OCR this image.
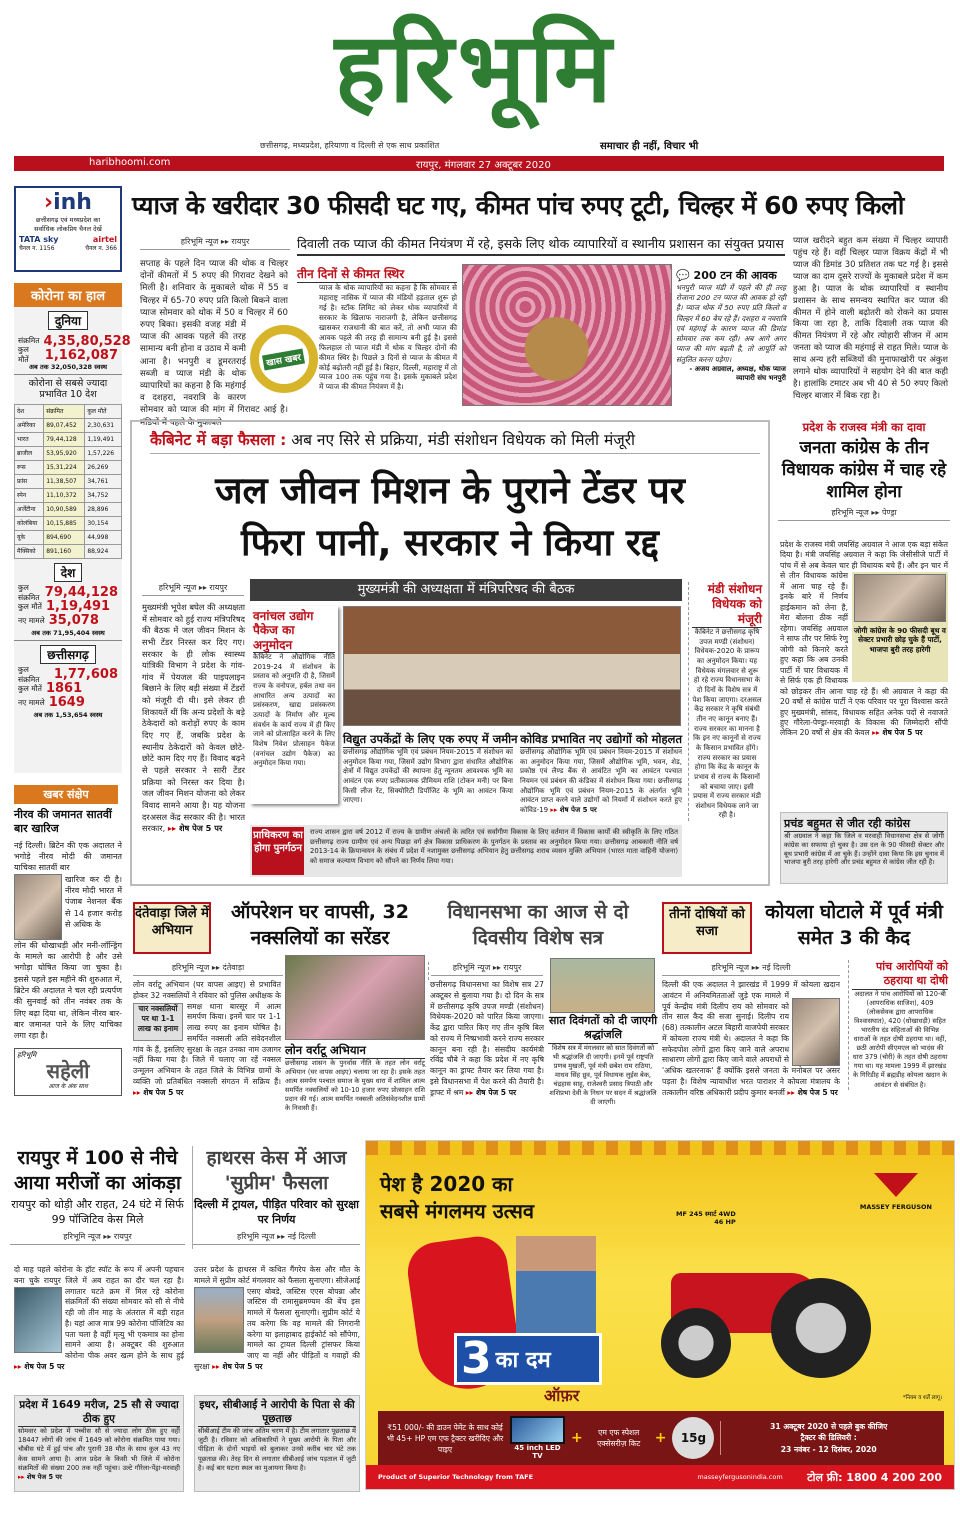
हरिभूमि
छत्तीसगढ़, मध्यप्रदेश, हरियाणा व दिल्ली से एक साथ प्रकाशित	समाचार ही नहीं, विचार भी
haribhoomi.com	रायपुर, मंगलवार 27 अक्टूबर 2020
›inh
छत्तीसगढ़ एवं मध्यप्रदेश का
सर्वाधिक लोकप्रिय चैनल देखें
TATA sky	airtel
चैनल न. 1156	चैनल न. 366
कोरोना का हाल
दुनिया
संक्रमित 4,35,80,528
कुल मौतें	1,162,087
अब तक 32,050,328 स्वस्थ
कोरोना से सबसे ज्यादा प्रभावित 10 देश
देश	संक्रमित	कुल मौतें
अमेरिका	89,07,452	2,30,631
भारत	79,44,128	1,19,491
ब्राजील	53,95,920	1,57,226
रूस	15,31,224	26,269
फ्रांस	11,38,507	34,761
स्पेन	11,10,372	34,752
अर्जेंटीना	10,90,589	28,896
कोलंबिया	10,15,885	30,154
यूके	894,690	44,998
मैक्सिको	891,160	88,924
देश
कुल संक्रमित 79,44,128
कुल मौतें 1,19,491
नए मामले 35,078
अब तक 71,95,404 स्वस्थ
छत्तीसगढ़
कुल संक्रमित	1,77,608
कुल मौतें 1861
नए मामले 1649
अब तक 1,53,654 स्वस्थ
खबर संक्षेप
नीरव की जमानत सातवीं बार खारिज
नई दिल्ली। ब्रिटेन की एक अदालत ने भगोड़े नीरव मोदी की जमानत याचिका सातवीं बार
खारिज कर दी है। नीरव मोदी भारत में पंजाब नेशनल बैंक से 14 हजार करोड़ से अधिक के
लोन की धोखाधड़ी और मनी-लॉन्ड्रिंग के मामले का आरोपी है और उसे भगोड़ा घोषित किया जा चुका है। इससे पहले इस महीने की शुरुआत में, ब्रिटेन की अदालत ने चल रही प्रत्यर्पण की सुनवाई को तीन नवंबर तक के लिए बढ़ा दिया था, लेकिन नीरव बार-बार जमानत पाने के लिए याचिका लगा रहा है।
हरिभूमि
सहेली
आज के अंक साथ
प्याज के खरीदार 30 फीसदी घट गए, कीमत पांच रुपए टूटी, चिल्हर में 60 रुपए किलो
हरिभूमि न्यूज ▸▸ रायपुर
सप्ताह के पहले दिन प्याज की थोक व चिल्हर दोनों कीमतों में 5 रुपए की गिरावट देखने को मिली है। शनिवार के मुकाबले थोक में 55 व चिल्हर में 65-70 रुपए प्रति किलो बिकने वाला प्याज सोमवार को थोक में 50 व चिल्हर में 60 रुपए बिका। इसकी वजह मंडी में प्याज की आवक पहले की तरह सामान्य बनी होना व उठाव में कमी आना है। भनपुरी व डूमरतराई सब्जी व प्याज मंडी के थोक व्यापारियों का कहना है कि महंगाई व दशहरा, नवरात्रि के कारण सोमवार को प्याज की मांग में गिरावट आई है। मंडियों में पहले के मुकाबले
दिवाली तक प्याज की कीमत नियंत्रण में रहे, इसके लिए थोक व्यापारियों व स्थानीय प्रशासन का संयुक्त प्रयास
खास खबर
तीन दिनों से कीमत स्थिर
प्याज के थोक व्यापारियों का कहना है कि सोमवार से महाराष्ट्र नासिक में प्याज की मंडियों हड़ताल शुरू हो गई है। स्टॉक लिमिट को लेकर थोक व्यापारियों में सरकार के खिलाफ नाराजगी है, लेकिन छत्तीसगढ़ खासकर राजधानी की बात करें, तो अभी प्याज की आवक पहले की तरह ही सामान्य बनी हुई है। इससे फिलहाल तो प्याज मंडी में थोक व चिल्हर दोनों की कीमत स्थिर है। पिछले 3 दिनों से प्याज के कीमत में कोई बढ़ोतरी नहीं हुई है। बिहार, दिल्ली, महाराष्ट्र में तो प्याज 100 तक पहुंच गया है। इसके मुकाबले प्रदेश में प्याज की कीमत नियंत्रण में है।
💬 200 टन की आवक
भनपुरी प्याज मंडी में पहले की ही तरह रोजाना 200 टन प्याज की आवक हो रही है। प्याज थोक में 50 रुपए प्रति किलो व चिल्हर में 60 बेच रहे हैं। दशहरा व नवरात्रि एवं महंगाई के कारण प्याज की डिमांड सोमवार तक कम रही। अब आगे अगर प्याज की मांग बढ़ती है, तो आपूर्ति को संतुलित करना पड़ेगा।
- अजय अग्रवाल, अध्यक्ष, थोक प्याज व्यापारी संघ भनपुरी
प्याज खरीदने बहुत कम संख्या में चिल्हर व्यापारी पहुंच रहे हैं। वहीं चिल्हर प्याज विक्रय केंद्रों में भी प्याज की डिमांड 30 प्रतिशत तक घट गई है। इससे प्याज का दाम दूसरे राज्यों के मुकाबले प्रदेश में कम हुआ है। प्याज के थोक व्यापारियों व स्थानीय प्रशासन के साथ समन्वय स्थापित कर प्याज की कीमत में होने वाली बढ़ोतरी को रोकने का प्रयास किया जा रहा है, ताकि दिवाली तक प्याज की कीमत नियंत्रण में रहे और त्योहारी सीजन में आम जनता को प्याज की महंगाई से राहत मिले। प्याज के साथ अन्य हरी सब्जियों की मुनाफाखोरी पर अंकुश लगाने थोक व्यापारियों ने सहयोग देने की बात कही है। हालांकि टमाटर अब भी 40 से 50 रुपए किलो चिल्हर बाजार में बिक रहा है।
कैबिनेट में बड़ा फैसला : अब नए सिरे से प्रक्रिया, मंडी संशोधन विधेयक को मिली मंजूरी
जल जीवन मिशन के पुराने टेंडर पर
फिरा पानी, सरकार ने किया रद्द
हरिभूमि न्यूज ▸▸ रायपुर
मुख्यमंत्री भूपेश बघेल की अध्यक्षता में सोमवार को हुई राज्य मंत्रिपरिषद की बैठक में जल जीवन मिशन के सभी टेंडर निरस्त कर दिए गए। सरकार के ही लोक स्वास्थ्य यांत्रिकी विभाग ने प्रदेश के गांव-गांव में पेयजल की पाइपलाइन बिछाने के लिए बड़ी संख्या में टेंडरों को मंजूरी दी थी। इसे लेकर ही शिकायतें थीं कि अन्य प्रदेशों के बड़े ठेकेदारों को करोड़ों रुपए के काम दिए गए हैं, जबकि प्रदेश के स्थानीय ठेकेदारों को केवल छोटे-छोटे काम दिए गए हैं। विवाद बढ़ने से पहले सरकार ने सारी टेंडर प्रक्रिया को निरस्त कर दिया है। जल जीवन मिशन योजना को लेकर विवाद सामने आया है। यह योजना दरअसल केंद्र सरकार की है। भारत सरकार, ▸▸ शेष पेज 5 पर
मुख्यमंत्री की अध्यक्षता में मंत्रिपरिषद की बैठक
वनांचल उद्योग पैकेज का अनुमोदन
कैबिनेट ने औद्योगिक नीति 2019-24 में संशोधन के प्रस्ताव को अनुमति दी है, जिसमें राज्य के वनोपज, हर्बल तथा वन आधारित अन्य उत्पादों का प्रसंस्करण, खाद्य प्रसंस्करण उत्पादों के निर्माण और मूल्य संवर्धन के कार्य राज्य में ही किए जाने को प्रोत्साहित करने के लिए विशेष निवेश प्रोत्साहन पैकेज (वनांचल उद्योग पैकेज) का अनुमोदन किया गया।
विद्युत उपकेंद्रों के लिए एक रुपए में जमीन
छत्तीसगढ़ औद्योगिक भूमि एवं प्रबंधन नियम-2015 में संशोधन का अनुमोदन किया गया, जिसमें उद्योग विभाग द्वारा संधारित औद्योगिक क्षेत्रों में विद्युत उपकेंद्रों की स्थापना हेतु न्यूनतम आवश्यक भूमि का आवंटन एक रुपए प्रतीकात्मक प्रीमियम राशि (टोकन मनी) पर बिना किसी लीज रेंट, सिक्योरिटी डिपॉजिट के भूमि का आवंटन किया जाएगा।
कोविड प्रभावित नए उद्योगों को मोहलत
छत्तीसगढ़ औद्योगिक भूमि एवं प्रबंधन नियम-2015 में संशोधन का अनुमोदन किया गया, जिसमें औद्योगिक भूमि, भवन, शेड, प्रकोष्ठ एवं लैण्ड बैंक से आवंटित भूमि का आवंटन पश्चात नियमन एवं प्रबंधन की कंडिका में संशोधन किया गया। छत्तीसगढ़ औद्योगिक भूमि एवं प्रबंधन नियम-2015 के अंतर्गत भूमि आवंटन प्राप्त करने वाले उद्योगों को नियमों में संशोधन करते हुए कोविड-19 ▸▸ शेष पेज 5 पर
मंडी संशोधन विधेयक को मंजूरी
कैबिनेट ने छत्तीसगढ़ कृषि उपज मण्डी (संशोधन) विधेयक-2020 के प्रारूप का अनुमोदन किया। यह विधेयक मंगलवार से शुरू हो रहे राज्य विधानसभा के दो दिनों के विशेष सत्र में पेश किया जाएगा। दरअसल केंद्र सरकार ने कृषि संबंधी तीन नए कानून बनाए हैं। राज्य सरकार का मानना है कि इन नए कानूनों से राज्य के किसान प्रभावित होंगे। राज्य सरकार का प्रयास होगा कि केंद्र के कानून के प्रभाव से राज्य के किसानों को बचाया जाए। इसी प्रयास में राज्य सरकार मंडी संशोधन विधेयक लाने जा रही है।
प्राधिकरण का होगा पुनर्गठन
राज्य शासन द्वारा वर्ष 2012 में राज्य के ग्रामीण अंचलों के त्वरित एवं सर्वांगीण विकास के लिए वर्तमान में विकास कार्यों की स्वीकृति के लिए गठित छत्तीसगढ़ राज्य ग्रामीण एवं अन्य पिछड़ा वर्ग क्षेत्र विकास प्राधिकरण के पुनर्गठन के प्रस्ताव का अनुमोदन किया गया। छत्तीसगढ़ आबकारी नीति वर्ष 2013-14 के क्रियान्वयन के संबंध में प्रदेश में नशामुक्त छत्तीसगढ़ अभियान हेतु छत्तीसगढ़ शराब व्यसन मुक्ति अभियान (भारत माता वाहिनी योजना) को समाज कल्याण विभाग को सौंपने का निर्णय लिया गया।
प्रदेश के राजस्व मंत्री का दावा
जनता कांग्रेस के तीन विधायक कांग्रेस में चाह रहे शामिल होना
हरिभूमि न्यूज ▸▸ पेण्ड्रा
प्रदेश के राजस्व मंत्री जयसिंह अग्रवाल ने आज एक बड़ा संकेत दिया है। मंत्री जयसिंह अग्रवाल ने कहा कि जेसीसीजे पार्टी में पांच में से अब केवल चार ही विधायक बचे हैं। और इन चार में से तीन विधायक कांग्रेस में आना चाह रहे हैं। इनके बारे में निर्णय हाईकमान को लेना है, मेरा बोलना ठीक नहीं रहेगा। जयसिंह अग्रवाल ने साफ तौर पर सिर्फ रेणु जोगी को किनारे करते हुए कहा कि अब उनकी पार्टी में चार विधायक में से सिर्फ एक ही विधायक को छोड़कर तीन आना चाह रहे हैं। श्री अग्रवाल ने कहा की 20 वर्षों से कांग्रेस पार्टी ने एक परिवार पर पूरा विश्वास करते हुए मुख्यमंत्री, सांसद, विधायक सहित अनेक पदों से नवाजते हुए गौरेला-पेण्ड्रा-मरवाही के विकास की जिम्मेदारी सौंपी लेकिन 20 वर्षों से क्षेत्र की केवल ▸▸ शेष पेज 5 पर
जोगी कांग्रेस के 90 फीसदी बूथ व सेक्टर प्रभारी छोड़ चुके हैं पार्टी, भाजपा बुरी तरह हारेगी
प्रचंड बहुमत से जीत रही कांग्रेस
श्री अग्रवाल ने कहा कि जिले व मरवाही विधानसभा क्षेत्र से जोगी कांग्रेस का सफाया हो चुका है। उस दल के 90 फीसदी सेक्टर और बूथ प्रभारी कांग्रेस में आ चुके हैं। उन्होंने दावा किया कि इस चुनाव में भाजपा बुरी तरह हारेगी और प्रचंड बहुमत से कांग्रेस जीत रही है।
दंतेवाड़ा जिले में अभियान
ऑपरेशन घर वापसी, 32 नक्सलियों का सरेंडर
हरिभूमि न्यूज ▸▸ दंतेवाड़ा
चार नक्सलियों पर था 1-1 लाख का इनाम
लोन वर्राटू अभियान (घर वापस आइए) से प्रभावित होकर 32 नक्सलियों ने रविवार को पुलिस अधीक्षक के समक्ष थाना बारसूर में आत्म समर्पण किया। इनमें चार पर 1-1 लाख रुपए का इनाम घोषित है। समर्पित नक्सली अति संवेदनशील गांव के हैं, इसलिए सुरक्षा के तहत उनका नाम उजागर नहीं किया गया है। जिले में चलाए जा रहें नक्सल उन्मूलन अभियान के तहत जिले के विभिन्न ग्रामों के व्यक्ति जो प्रतिबंधित नक्सली संगठन में सक्रिय हैं। ▸▸ शेष पेज 5 पर
लोन वर्राटू अभियान
छत्तीसगढ़ शासन के पुनर्वास नीति के तहत लोन वर्राटू अभियान (घर वापस आइए) चलाया जा रहा है। इसके तहत आत्म समर्पण पश्चात समाज के मुख्य धारा में शामिल आत्म समर्पित नक्सलियों को 10-10 हजार रुपए प्रोत्साहन राशि प्रदान की गई। आत्म समर्पित नक्सली अतिसंवेदनशील ग्रामों के निवासी हैं।
विधानसभा का आज से दो दिवसीय विशेष सत्र
हरिभूमि न्यूज ▸▸ रायपुर
छत्तीसगढ़ विधानसभा का विशेष सत्र 27 अक्टूबर से बुलाया गया है। दो दिन के सत्र में छत्तीसगढ़ कृषि उपज मण्डी (संशोधन) विधेयक-2020 को पारित किया जाएगा। केंद्र द्वारा पारित किए गए तीन कृषि बिल को राज्य में निष्प्रभावी करने राज्य सरकार कानून बना रही है। संसदीय कार्यमंत्री रविंद्र चौबे ने कहा कि प्रदेश में नए कृषि कानून का ड्राफ्ट तैयार कर लिया गया है। इसे विधानसभा में पेश करने की तैयारी है। ड्राफ्ट में श्रम ▸▸ शेष पेज 5 पर
सात दिवंगतों को दी जाएगी श्रद्धांजलि
विशेष सत्र में मंगलवार को सात दिवंगतों को भी श्रद्धांजलि दी जाएगी। इनमें पूर्व राष्ट्रपति प्रणब मुखर्जी, पूर्व मंत्री छबेश राम राठिया, माधव सिंह ध्रुव, पूर्व विधायक लुईस बेक, चंद्रहास साहू, राजेश्वरी प्रसाद त्रिपाठी और शशिप्रभा देवी के निधन पर सदन में श्रद्धांजलि दी जाएगी।
तीनों दोषियों को सजा
कोयला घोटाले में पूर्व मंत्री समेत 3 की कैद
हरिभूमि न्यूज ▸▸ नई दिल्ली
दिल्ली की एक अदालत ने झारखंड में 1999 में कोयला खदान आवंटन में अनियमितताओं जुड़े एक मामले में पूर्व केन्द्रीय मंत्री दिलीप राय को सोमवार को तीन साल कैद की सजा सुनाई। दिलीप राय (68) तत्कालीन अटल बिहारी वाजपेयी सरकार में कोयला राज्य मंत्री थे। अदालत ने कहा कि सफेदपोश लोगों द्वारा किए जाने वाले अपराध साधारण लोगों द्वारा किए जाने वाले अपराधों से 'अधिक खतरनाक' हैं क्योंकि इससे जनता के मनोबल पर असर पड़ता है। विशेष न्यायाधीश भरत पाराशर ने कोयला मंत्रालय के तत्कालीन वरिष्ठ अधिकारी प्रदीप कुमार बनर्जी ▸▸ शेष पेज 5 पर
पांच आरोपियों को ठहराया था दोषी
अदालत ने पांच आरोपियों को 120-बी (आपराधिक साजिश), 409 (लोकसेवक द्वारा आपराधिक विश्वासघात), 420 (धोखाधड़ी) सहित भारतीय दंड संहिताओं की विभिन्न धाराओं के तहत दोषी ठहराया था। वहीं, छठी आरोपी सीएमएल को भादंस की धारा 379 (चोरी) के तहत दोषी ठहराया गया था। यह मामला 1999 में झारखंड के गिरिडीह में ब्रह्मडीह कोयला खदान के आवंटन से संबंधित है।
रायपुर में 100 से नीचे आया मरीजों का आंकड़ा
रायपुर को थोड़ी और राहत, 24 घंटे में सिर्फ 99 पॉजिटिव केस मिले
हरिभूमि न्यूज ▸▸ रायपुर
दो माह पहले कोरोना के हॉट स्पॉट के रूप में अपनी पहचान बना चुके रायपुर जिले में अब राहत का दौर चल रहा है। लगातार घटते क्रम में मिल रहे कोरोना संक्रमितों की संख्या सोमवार को सौ से नीचे रही जो तीन माह के अंतराल में बड़ी राहत है। यहां आज मात्र 99 कोरोना पॉजिटिव का पता चला है वहीं मृत्यु भी एकमात्र का होना सामने आया है। अक्टूबर की शुरुआत कोरोना पीक अवर खत्म होने के साथ हुई ▸▸ शेष पेज 5 पर
प्रदेश में 1649 मरीज, 25 सौ से ज्यादा ठीक हुए
सोमवार को प्रदेश में पच्चीस सौ से ज्यादा लोग ठीक हुए वहीं 18447 लोगों की जांच में 1649 को कोरोना संक्रमित पाया गया। चौबीस घंटे में हुई पांच और पुरानी 38 मौत के साथ कुल 43 नए केस सामने आया है। आज प्रदेश के किसी भी जिले में कोरोना संक्रमितों की संख्या 200 तक नहीं पहुंचा। उल्टे गौरेला-पेंड्रा-मरवाही ▸▸ शेष पेज 5 पर
हाथरस केस में आज 'सुप्रीम' फैसला
दिल्ली में ट्रायल, पीड़ित परिवार को सुरक्षा पर निर्णय
हरिभूमि न्यूज ▸▸ नई दिल्ली
उत्तर प्रदेश के हाथरस में कथित गैंगरेप केस और मौत के मामले में सुप्रीम कोर्ट मंगलवार को फैसला सुनाएगा। सीजेआई एसए बोबडे, जस्टिस एएस बोपन्ना और जस्टिस वी रामासुब्रमण्यम की बेंच इस मामले में फैसला सुनाएगी। सुप्रीम कोर्ट ये तय करेगा कि वह मामले की निगरानी करेगा या इलाहाबाद हाईकोर्ट को सौंपेगा, मामले का ट्रायल दिल्ली ट्रांसफर किया जाए या नहीं और पीड़ितों व गवाहों की सुरक्षा ▸▸ शेष पेज 5 पर
इधर, सीबीआई ने आरोपी के पिता से की पूछताछ
सीबीआई टीम की जांच अंतिम चरण में है। टीम लगातार पूछताछ में जुटी है। रविवार को अधिकारियों ने मुख्य आरोपी के पिता और पीड़िता के दोनों भाइयों को बुलाकर उनसे करीब चार घंटे तक पूछताछ की। तेरह दिन से लगातार सीबीआई जांच पड़ताल में जुटी है। कई बार घटना स्थल का मुआयना किया है।
पेश है 2020 का
सबसे मंगलमय उत्सव	MASSEY FERGUSON
MF 245 स्मार्ट 4WD
46 HP
3 का दम
ऑफ़र	*नियम व शर्तें लागू।
₹51 000/- की डाउन पेमेंट के साथ कोई भी 45+ HP एम एफ ट्रैक्टर खरीदिए और पाइए	45 inch LED TV
+	एम एफ स्पेशल एक्सेसरीज़ किट	+	15g
31 अक्टूबर 2020 से पहले बुक कीजिए
ट्रैक्टर की डिलिवरी :
23 नवंबर - 12 दिसंबर, 2020
Product of Superior Technology from TAFE	masseyfergusonindia.com टोल फ्री: 1800 4 200 200
